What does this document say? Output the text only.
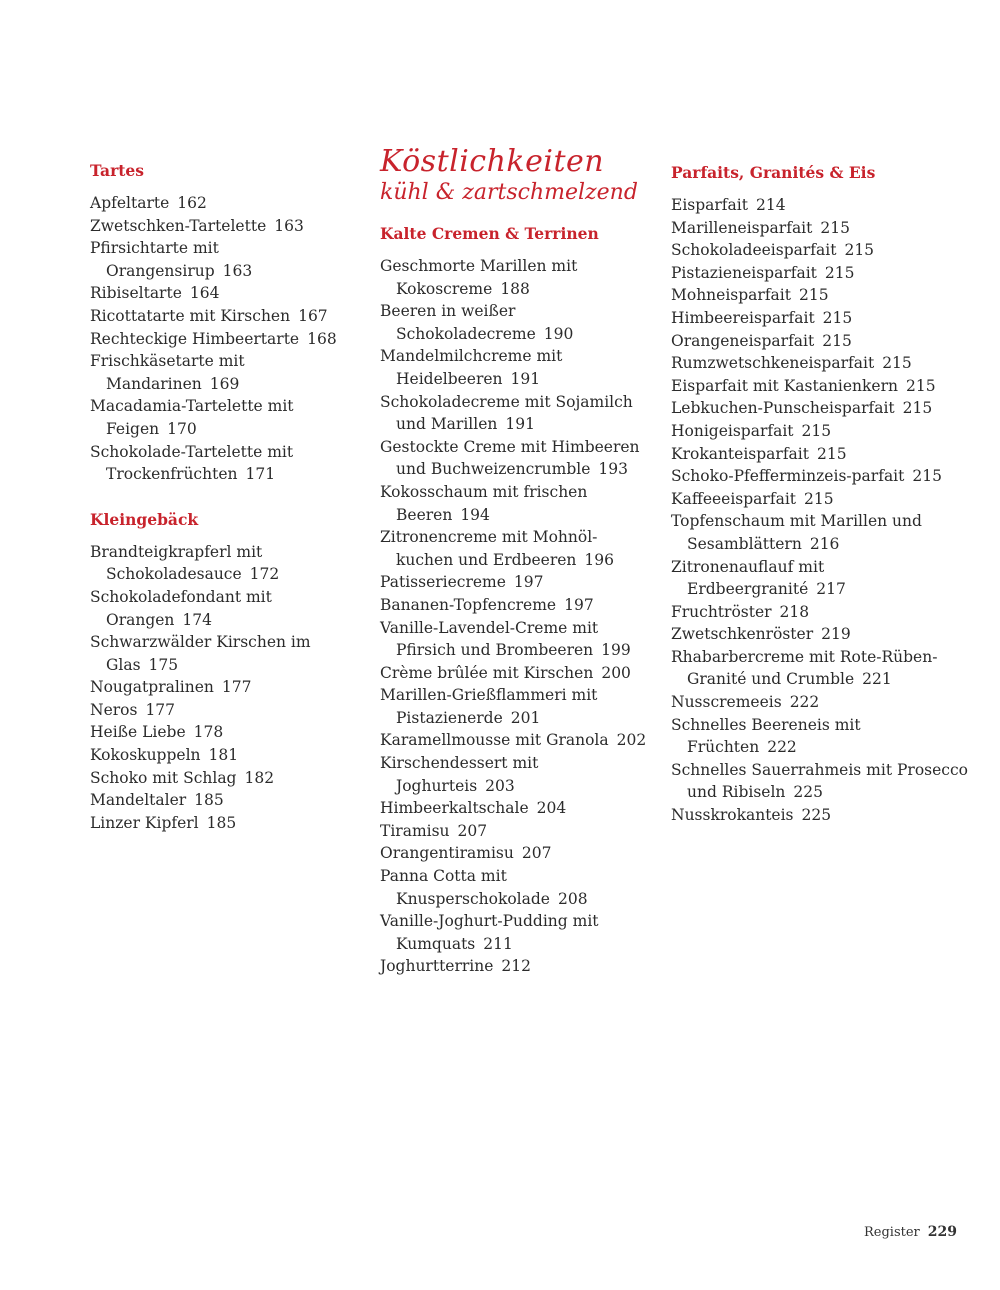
Tartes

Apfeltarte 162

Zwetschken-Tartelette 163

Pfirsichtarte mit Orangensirup 163

Ribiseltarte 164

Ricottatarte mit Kirschen 167

Rechteckige Himbeertarte 168

Frischkäsetarte mit Mandarinen 169

Macadamia-Tartelette mit Feigen 170

Schokolade-Tartelette mit Trockenfrüchten 171

Kleingebäck

Brandteigkrapferl mit Schokoladesauce 172

Schokoladefondant mit Orangen 174

Schwarzwälder Kirschen im Glas 175

Nougatpralinen 177

Neros 177

Heiße Liebe 178

Kokoskuppeln 181

Schoko mit Schlag 182

Mandeltaler 185

Linzer Kipferl 185

Köstlichkeiten
kühl & zartschmelzend
Kalte Cremen & Terrinen

Geschmorte Marillen mit Kokoscreme 188

Beeren in weißer Schokoladecreme 190

Mandelmilchcreme mit Heidelbeeren 191

Schokoladecreme mit Sojamilch und Marillen 191

Gestockte Creme mit Himbeeren und Buchweizencrumble 193

Kokosschaum mit frischen Beeren 194

Zitronencreme mit Mohnöl-kuchen und Erdbeeren 196

Patisseriecreme 197

Bananen-Topfencreme 197

Vanille-Lavendel-Creme mit Pfirsich und Brombeeren 199

Crème brûlée mit Kirschen 200

Marillen-Grießflammeri mit Pistazienerde 201

Karamellmousse mit Granola 202

Kirschendessert mit Joghurteis 203

Himbeerkaltschale 204

Tiramisu 207

Orangentiramisu 207

Panna Cotta mit Knusperschokolade 208

Vanille-Joghurt-Pudding mit Kumquats 211

Joghurtterrine 212

Parfaits, Granités & Eis

Eisparfait 214

Marilleneisparfait 215

Schokoladeeisparfait 215

Pistazieneisparfait 215

Mohneisparfait 215

Himbeereisparfait 215

Orangeneisparfait 215

Rumzwetschkeneisparfait 215

Eisparfait mit Kastanienkern 215

Lebkuchen-Punscheisparfait 215

Honigeisparfait 215

Krokanteisparfait 215

Schoko-Pfefferminzeis-parfait 215

Kaffeeeisparfait 215

Topfenschaum mit Marillen und Sesamblättern 216

Zitronenauflauf mit Erdbeergranité 217

Fruchtröster 218

Zwetschkenröster 219

Rhabarbercreme mit Rote-Rüben-Granité und Crumble 221

Nusscremeeis 222

Schnelles Beereneis mit Früchten 222

Schnelles Sauerrahmeis mit Prosecco und Ribiseln 225

Nusskrokanteis 225

Register 229
